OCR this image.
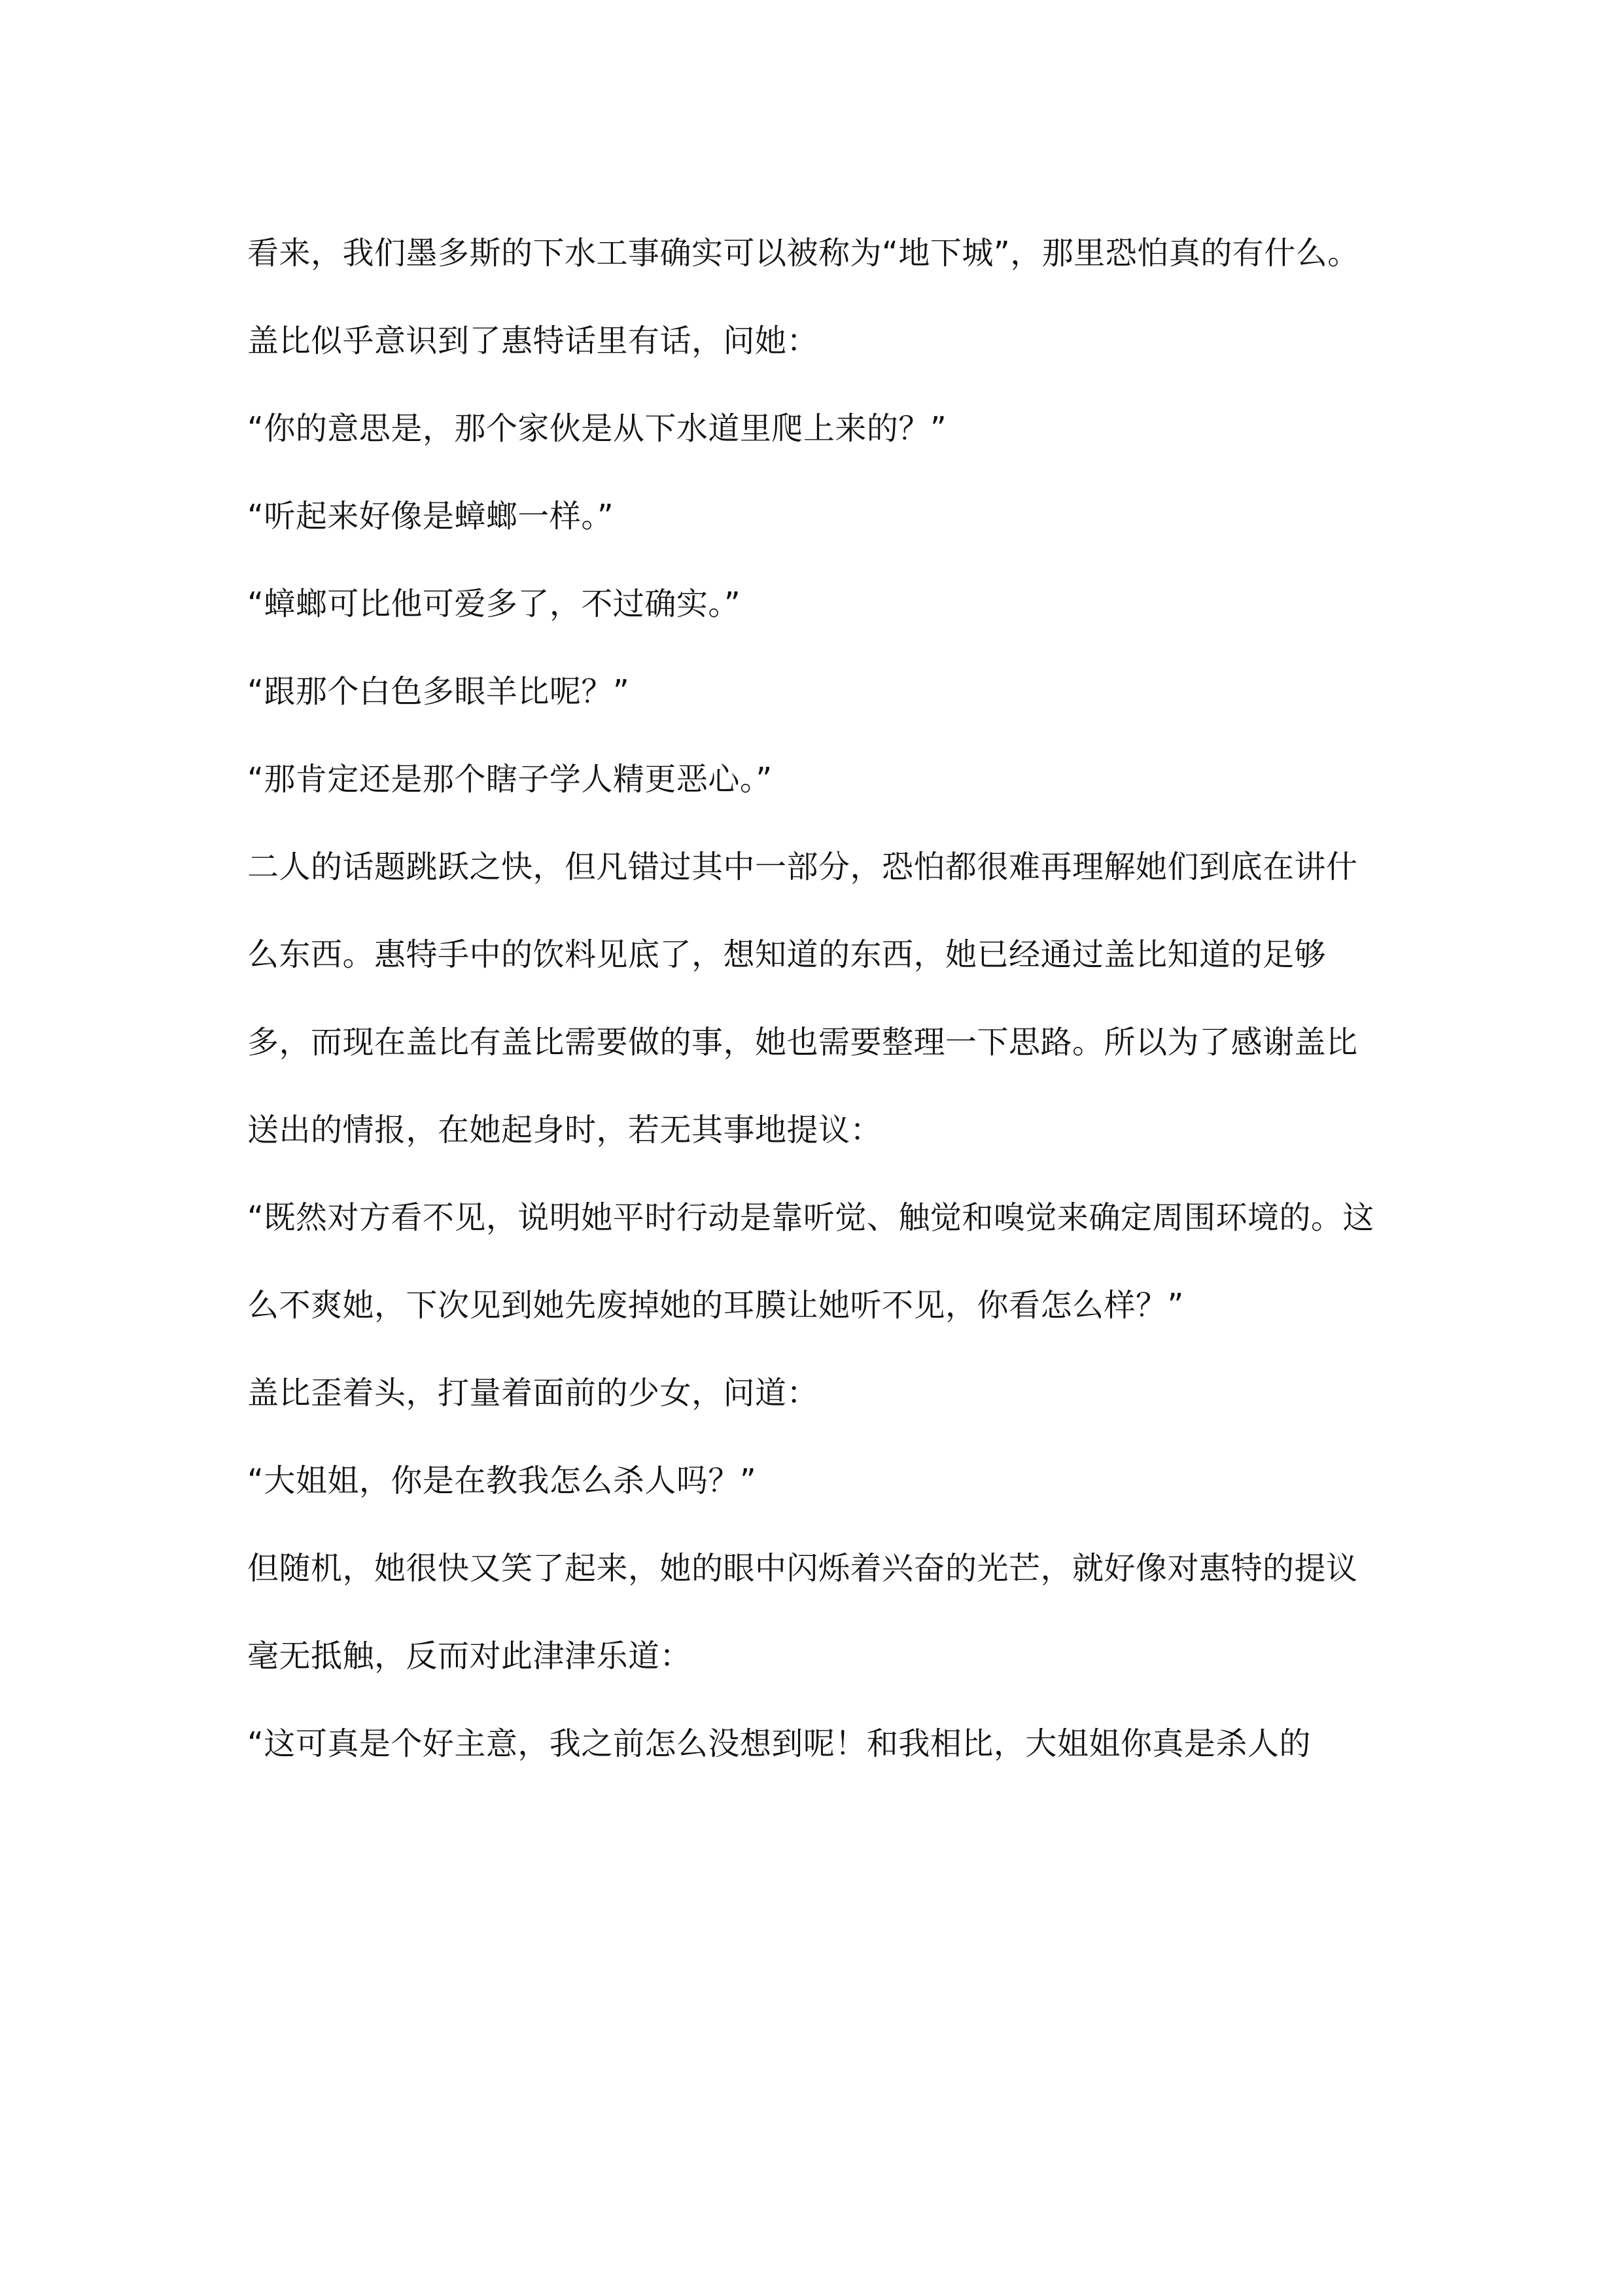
看来，我们墨多斯的下水工事确实可以被称为“地下城”，那里恐怕真的有什么。

盖比似乎意识到了惠特话里有话，问她：

“你的意思是，那个家伙是从下水道里爬上来的？”

“听起来好像是蟑螂一样。”

“蟑螂可比他可爱多了，不过确实。”

“跟那个白色多眼羊比呢？”

“那肯定还是那个瞎子学人精更恶心。”

二人的话题跳跃之快，但凡错过其中一部分，恐怕都很难再理解她们到底在讲什么东西。惠特手中的饮料见底了，想知道的东西，她已经通过盖比知道的足够多，而现在盖比有盖比需要做的事，她也需要整理一下思路。所以为了感谢盖比送出的情报，在她起身时，若无其事地提议：

“既然对方看不见，说明她平时行动是靠听觉、触觉和嗅觉来确定周围环境的。这么不爽她，下次见到她先废掉她的耳膜让她听不见，你看怎么样？”

盖比歪着头，打量着面前的少女，问道：

“大姐姐，你是在教我怎么杀人吗？”

但随机，她很快又笑了起来，她的眼中闪烁着兴奋的光芒，就好像对惠特的提议毫无抵触，反而对此津津乐道：

“这可真是个好主意，我之前怎么没想到呢！和我相比，大姐姐你真是杀人的
